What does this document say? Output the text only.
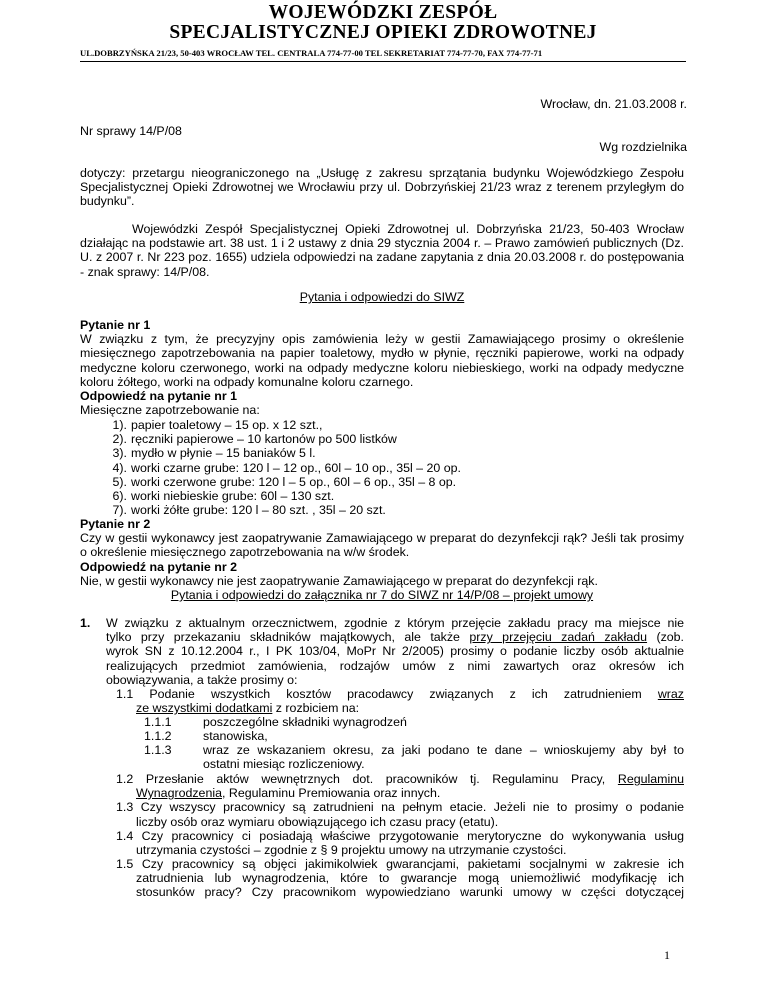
WOJEWÓDZKI ZESPÓŁ
SPECJALISTYCZNEJ OPIEKI ZDROWOTNEJ
UL.DOBRZYŃSKA 21/23, 50-403 WROCŁAW TEL. CENTRALA 774-77-00 TEL SEKRETARIAT 774-77-70, FAX 774-77-71
Wrocław, dn. 21.03.2008 r.
Nr sprawy 14/P/08
Wg rozdzielnika

dotyczy: przetargu nieograniczonego na „Usługę z zakresu sprzątania budynku Wojewódzkiego Zespołu Specjalistycznej Opieki Zdrowotnej we Wrocławiu przy ul. Dobrzyńskiej 21/23 wraz z terenem przyległym do budynku”.

Wojewódzki Zespół Specjalistycznej Opieki Zdrowotnej ul. Dobrzyńska 21/23, 50-403 Wrocław działając na podstawie art. 38 ust. 1 i 2 ustawy z dnia 29 stycznia 2004 r. – Prawo zamówień publicznych (Dz. U. z 2007 r. Nr 223 poz. 1655) udziela odpowiedzi na zadane zapytania z dnia 20.03.2008 r. do postępowania - znak sprawy: 14/P/08.

Pytania i odpowiedzi do SIWZ

Pytanie nr 1

W związku z tym, że precyzyjny opis zamówienia leży w gestii Zamawiającego prosimy o określenie miesięcznego zapotrzebowania na papier toaletowy, mydło w płynie, ręczniki papierowe, worki na odpady medyczne koloru czerwonego, worki na odpady medyczne koloru niebieskiego, worki na odpady medyczne koloru żółtego, worki na odpady komunalne koloru czarnego.

Odpowiedź na pytanie nr 1

Miesięczne zapotrzebowanie na:

1). papier toaletowy – 15 op. x 12 szt.,
2). ręczniki papierowe – 10 kartonów po 500 listków
3). mydło w płynie – 15 baniaków 5 l.
4). worki czarne grube: 120 l – 12 op., 60l – 10 op., 35l – 20 op.
5). worki czerwone grube: 120 l – 5 op., 60l – 6 op., 35l – 8 op.
6). worki niebieskie grube: 60l – 130 szt.
7). worki żółte grube: 120 l – 80 szt. , 35l – 20 szt.

Pytanie nr 2

Czy w gestii wykonawcy jest zaopatrywanie Zamawiającego w preparat do dezynfekcji rąk? Jeśli tak prosimy o określenie miesięcznego zapotrzebowania na w/w środek.

Odpowiedź na pytanie nr 2

Nie, w gestii wykonawcy nie jest zaopatrywanie Zamawiającego w preparat do dezynfekcji rąk.

Pytania i odpowiedzi do załącznika nr 7 do SIWZ nr 14/P/08 – projekt umowy
1. W związku z aktualnym orzecznictwem, zgodnie z którym przejęcie zakładu pracy ma miejsce nie
tylko przy przekazaniu składników majątkowych, ale także przy przejęciu zadań zakładu (zob.
wyrok SN z 10.12.2004 r., I PK 103/04, MoPr Nr 2/2005) prosimy o podanie liczby osób aktualnie
realizujących przedmiot zamówienia, rodzajów umów z nimi zawartych oraz okresów ich
obowiązywania, a także prosimy o:
1.1 Podanie wszystkich kosztów pracodawcy związanych z ich zatrudnieniem wraz
ze wszystkimi dodatkami z rozbiciem na:
1.1.1	poszczególne składniki wynagrodzeń
1.1.2	stanowiska,
1.1.3	wraz ze wskazaniem okresu, za jaki podano te dane – wnioskujemy aby był to
ostatni miesiąc rozliczeniowy.
1.2 Przesłanie aktów wewnętrznych dot. pracowników tj. Regulaminu Pracy, Regulaminu
Wynagrodzenia, Regulaminu Premiowania oraz innych.
1.3 Czy wszyscy pracownicy są zatrudnieni na pełnym etacie. Jeżeli nie to prosimy o podanie
liczby osób oraz wymiaru obowiązującego ich czasu pracy (etatu).
1.4 Czy pracownicy ci posiadają właściwe przygotowanie merytoryczne do wykonywania usług
utrzymania czystości – zgodnie z § 9 projektu umowy na utrzymanie czystości.
1.5 Czy pracownicy są objęci jakimikolwiek gwarancjami, pakietami socjalnymi w zakresie ich
zatrudnienia lub wynagrodzenia, które to gwarancje mogą uniemożliwić modyfikację ich
stosunków pracy? Czy pracownikom wypowiedziano warunki umowy w części dotyczącej
1
